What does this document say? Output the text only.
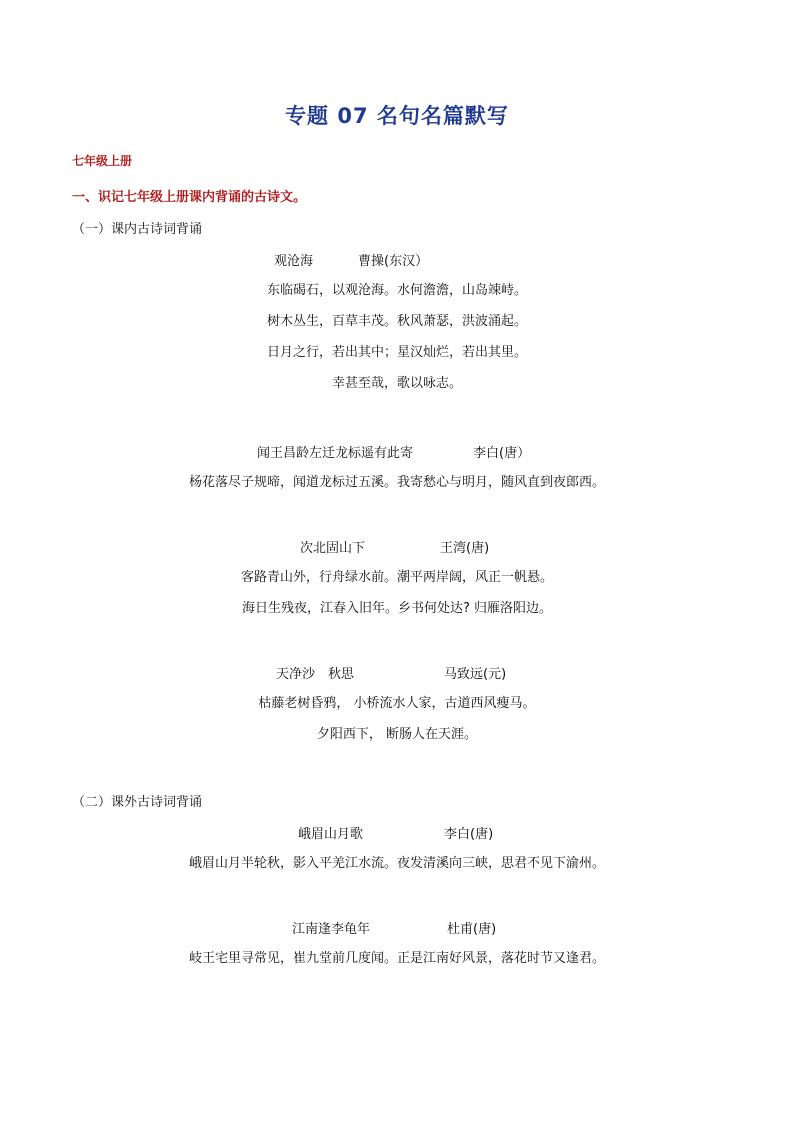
专题 07 名句名篇默写
七年级上册
一、识记七年级上册课内背诵的古诗文。
（一）课内古诗词背诵
观沧海	曹操(东汉）
东临碣石，以观沧海。水何澹澹，山岛竦峙。
树木丛生，百草丰茂。秋风萧瑟，洪波涌起。
日月之行，若出其中；星汉灿烂，若出其里。
幸甚至哉，歌以咏志。
闻王昌龄左迁龙标遥有此寄	李白(唐）
杨花落尽子规啼，闻道龙标过五溪。我寄愁心与明月，随风直到夜郎西。
次北固山下	王湾(唐)
客路青山外，行舟绿水前。潮平两岸阔，风正一帆悬。
海日生残夜，江春入旧年。乡书何处达? 归雁洛阳边。
天净沙　秋思	马致远(元)
枯藤老树昏鸦， 小桥流水人家，古道西风瘦马。
夕阳西下， 断肠人在天涯。
（二）课外古诗词背诵
峨眉山月歌	李白(唐)
峨眉山月半轮秋，影入平羌江水流。夜发清溪向三峡，思君不见下渝州。
江南逢李龟年	杜甫(唐)
岐王宅里寻常见，崔九堂前几度闻。正是江南好风景，落花时节又逢君。
